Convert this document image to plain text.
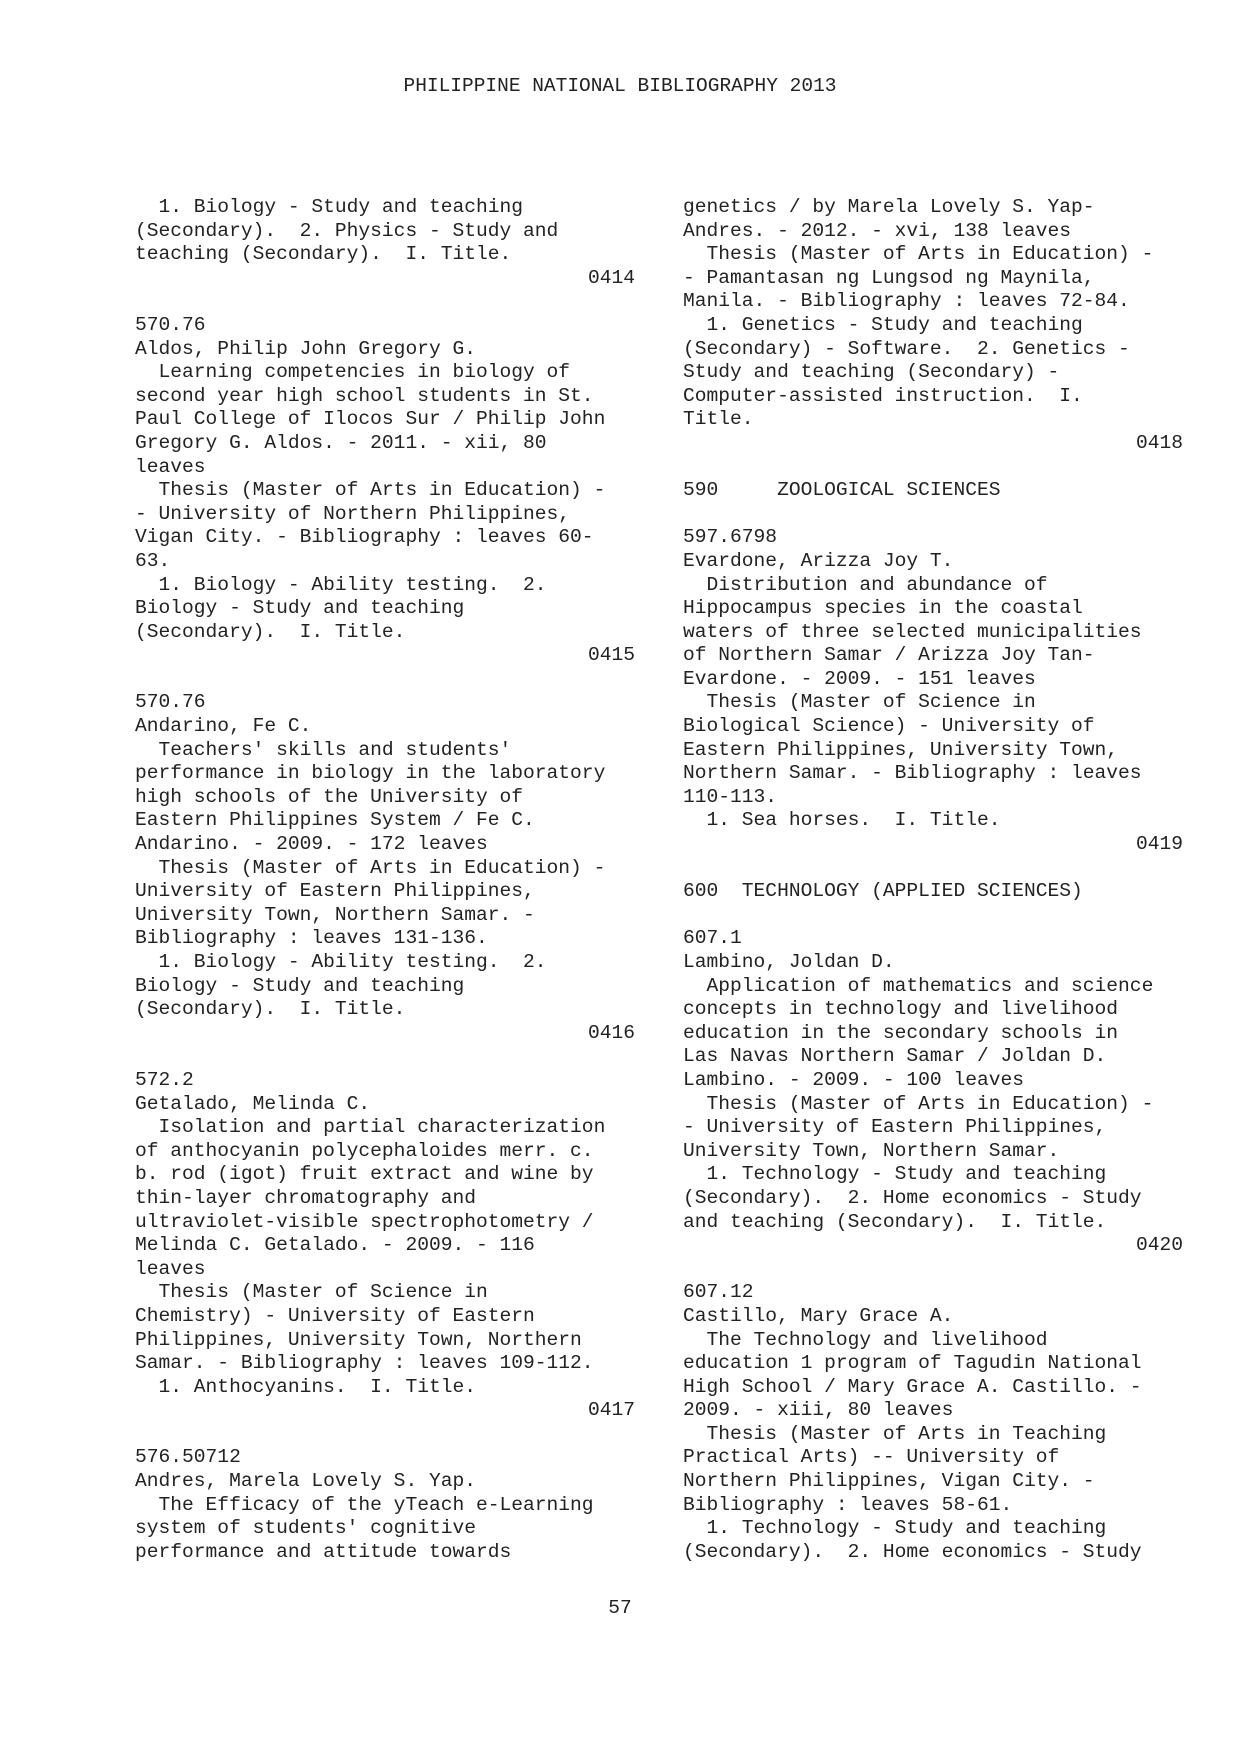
PHILIPPINE NATIONAL BIBLIOGRAPHY 2013
1. Biology - Study and teaching
(Secondary).  2. Physics - Study and
teaching (Secondary).  I. Title.
0414
570.76
Aldos, Philip John Gregory G.
Learning competencies in biology of
second year high school students in St.
Paul College of Ilocos Sur / Philip John
Gregory G. Aldos. - 2011. - xii, 80
leaves
Thesis (Master of Arts in Education) -
- University of Northern Philippines,
Vigan City. - Bibliography : leaves 60-
63.
1. Biology - Ability testing.  2.
Biology - Study and teaching
(Secondary).  I. Title.
0415
570.76
Andarino, Fe C.
Teachers' skills and students'
performance in biology in the laboratory
high schools of the University of
Eastern Philippines System / Fe C.
Andarino. - 2009. - 172 leaves
Thesis (Master of Arts in Education) -
University of Eastern Philippines,
University Town, Northern Samar. -
Bibliography : leaves 131-136.
1. Biology - Ability testing.  2.
Biology - Study and teaching
(Secondary).  I. Title.
0416
572.2
Getalado, Melinda C.
Isolation and partial characterization
of anthocyanin polycephaloides merr. c.
b. rod (igot) fruit extract and wine by
thin-layer chromatography and
ultraviolet-visible spectrophotometry /
Melinda C. Getalado. - 2009. - 116
leaves
Thesis (Master of Science in
Chemistry) - University of Eastern
Philippines, University Town, Northern
Samar. - Bibliography : leaves 109-112.
1. Anthocyanins.  I. Title.
0417
576.50712
Andres, Marela Lovely S. Yap.
The Efficacy of the yTeach e-Learning
system of students' cognitive
performance and attitude towards
genetics / by Marela Lovely S. Yap-
Andres. - 2012. - xvi, 138 leaves
Thesis (Master of Arts in Education) -
- Pamantasan ng Lungsod ng Maynila,
Manila. - Bibliography : leaves 72-84.
1. Genetics - Study and teaching
(Secondary) - Software.  2. Genetics -
Study and teaching (Secondary) -
Computer-assisted instruction.  I.
Title.
0418
590     ZOOLOGICAL SCIENCES
597.6798
Evardone, Arizza Joy T.
Distribution and abundance of
Hippocampus species in the coastal
waters of three selected municipalities
of Northern Samar / Arizza Joy Tan-
Evardone. - 2009. - 151 leaves
Thesis (Master of Science in
Biological Science) - University of
Eastern Philippines, University Town,
Northern Samar. - Bibliography : leaves
110-113.
1. Sea horses.  I. Title.
0419
600  TECHNOLOGY (APPLIED SCIENCES)
607.1
Lambino, Joldan D.
Application of mathematics and science
concepts in technology and livelihood
education in the secondary schools in
Las Navas Northern Samar / Joldan D.
Lambino. - 2009. - 100 leaves
Thesis (Master of Arts in Education) -
- University of Eastern Philippines,
University Town, Northern Samar.
1. Technology - Study and teaching
(Secondary).  2. Home economics - Study
and teaching (Secondary).  I. Title.
0420
607.12
Castillo, Mary Grace A.
The Technology and livelihood
education 1 program of Tagudin National
High School / Mary Grace A. Castillo. -
2009. - xiii, 80 leaves
Thesis (Master of Arts in Teaching
Practical Arts) -- University of
Northern Philippines, Vigan City. -
Bibliography : leaves 58-61.
1. Technology - Study and teaching
(Secondary).  2. Home economics - Study
57
